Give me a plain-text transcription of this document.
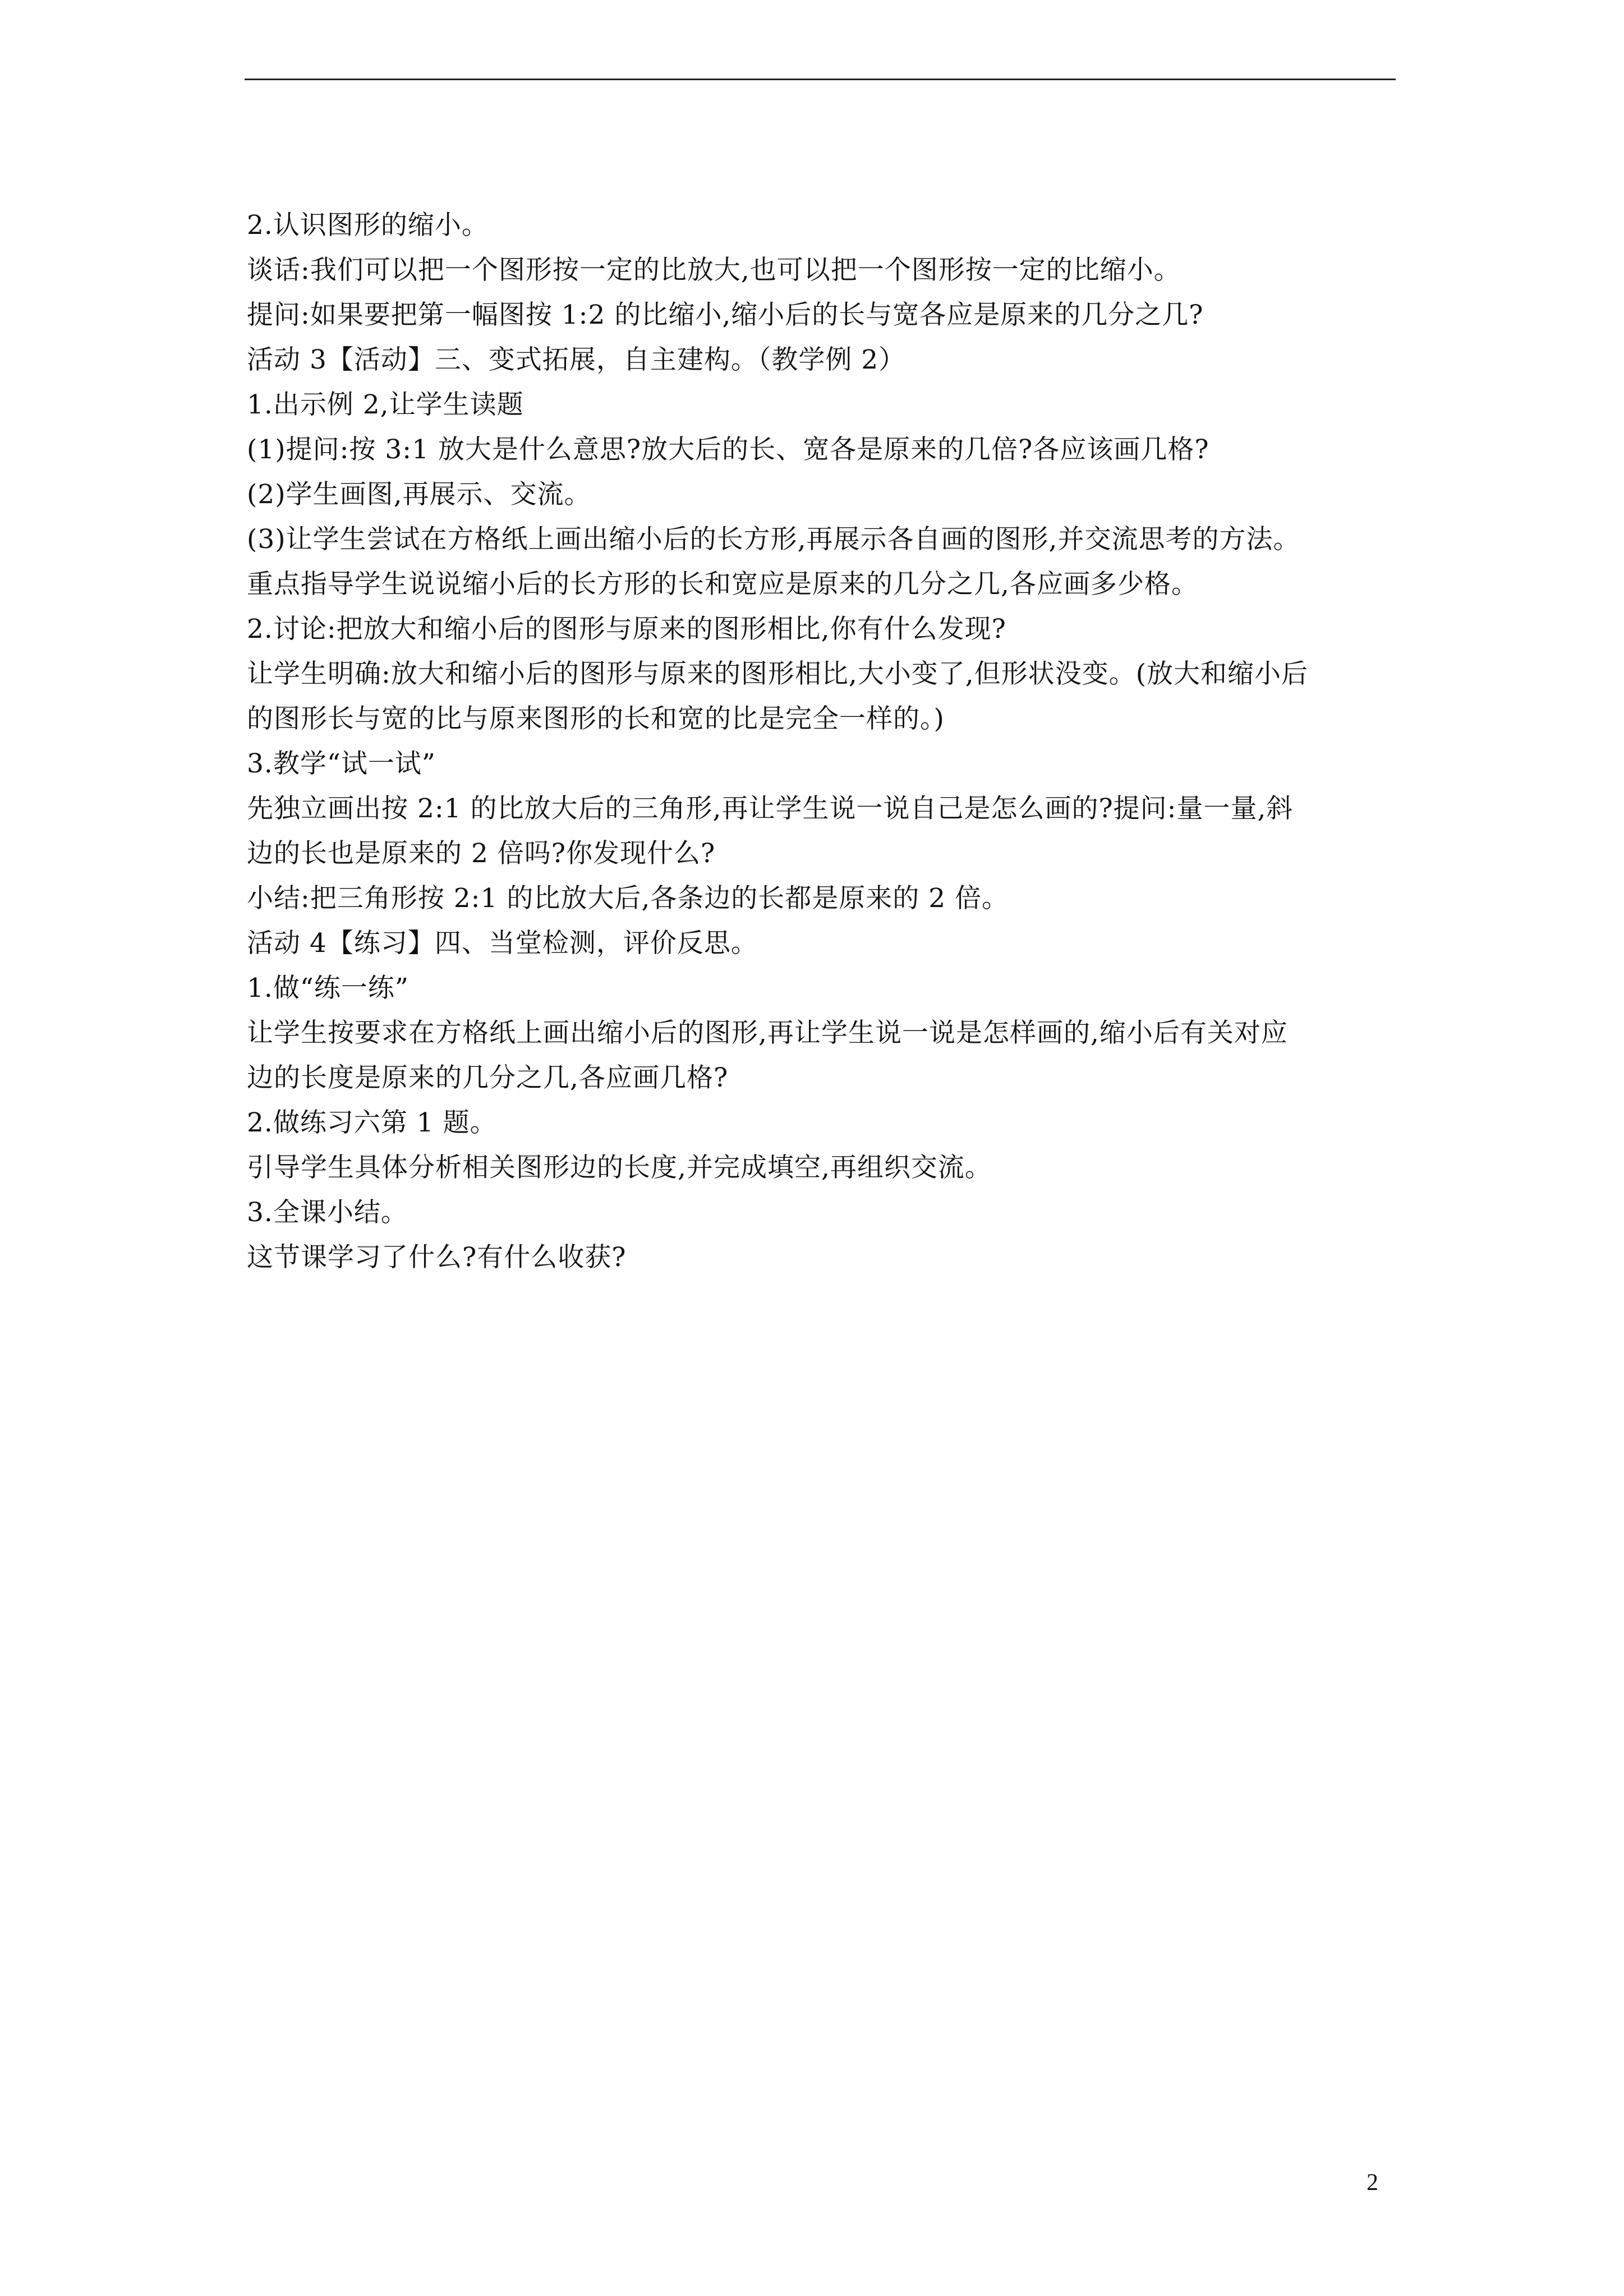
2.认识图形的缩小。
谈话:我们可以把一个图形按一定的比放大,也可以把一个图形按一定的比缩小。
提问:如果要把第一幅图按 1:2 的比缩小,缩小后的长与宽各应是原来的几分之几?
活动 3【活动】三、变式拓展，自主建构。（教学例 2）
1.出示例 2,让学生读题
(1)提问:按 3:1 放大是什么意思?放大后的长、宽各是原来的几倍?各应该画几格?
(2)学生画图,再展示、交流。
(3)让学生尝试在方格纸上画出缩小后的长方形,再展示各自画的图形,并交流思考的方法。
重点指导学生说说缩小后的长方形的长和宽应是原来的几分之几,各应画多少格。
2.讨论:把放大和缩小后的图形与原来的图形相比,你有什么发现?
让学生明确:放大和缩小后的图形与原来的图形相比,大小变了,但形状没变。(放大和缩小后
的图形长与宽的比与原来图形的长和宽的比是完全一样的。)
3.教学“试一试”
先独立画出按 2:1 的比放大后的三角形,再让学生说一说自己是怎么画的?提问:量一量,斜
边的长也是原来的 2 倍吗?你发现什么?
小结:把三角形按 2:1 的比放大后,各条边的长都是原来的 2 倍。
活动 4【练习】四、当堂检测，评价反思。
1.做“练一练”
让学生按要求在方格纸上画出缩小后的图形,再让学生说一说是怎样画的,缩小后有关对应
边的长度是原来的几分之几,各应画几格?
2.做练习六第 1 题。
引导学生具体分析相关图形边的长度,并完成填空,再组织交流。
3.全课小结。
这节课学习了什么?有什么收获?
2
